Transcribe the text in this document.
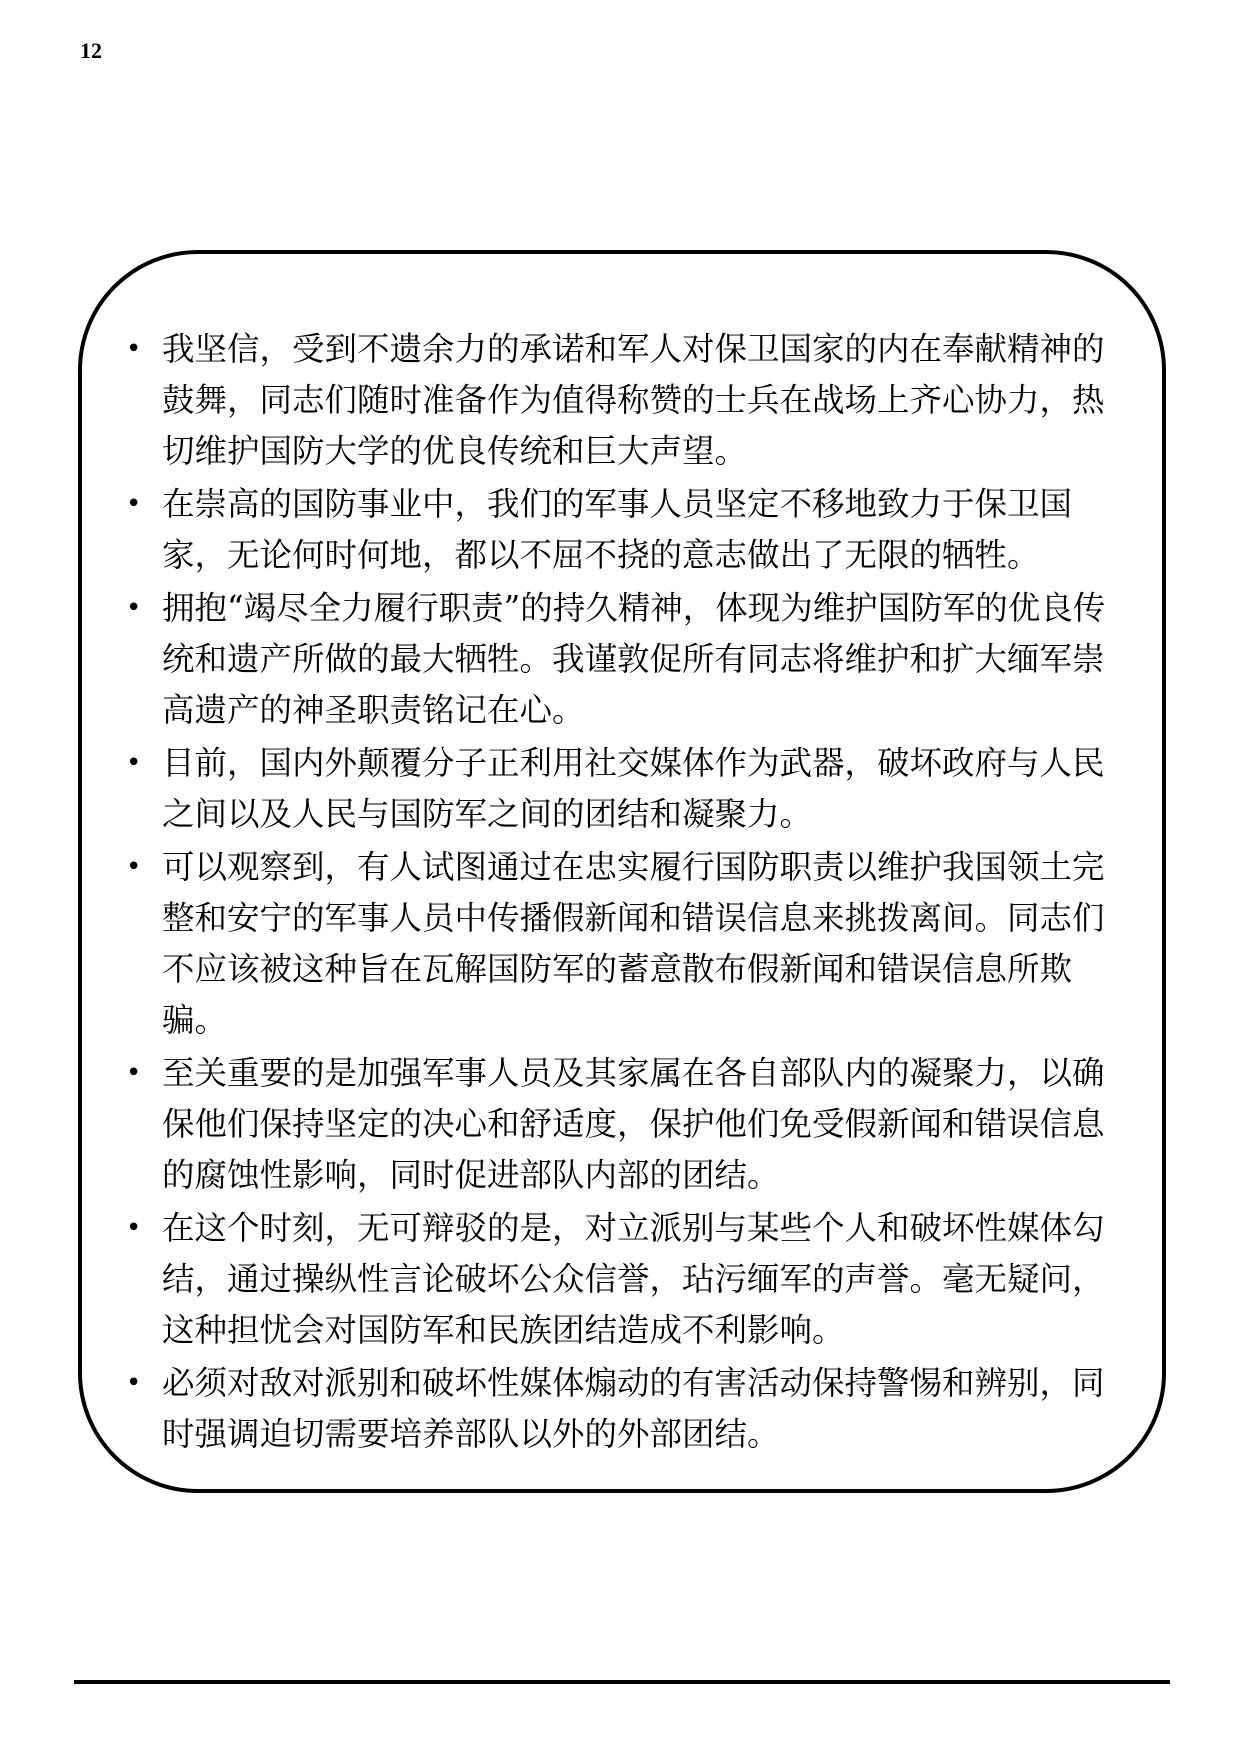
12
• 我坚信，受到不遗余力的承诺和军人对保卫国家的内在奉献精神的鼓舞，同志们随时准备作为值得称赞的士兵在战场上齐心协力，热切维护国防大学的优良传统和巨大声望。
• 在崇高的国防事业中，我们的军事人员坚定不移地致力于保卫国家，无论何时何地，都以不屈不挠的意志做出了无限的牺牲。
• 拥抱“竭尽全力履行职责”的持久精神，体现为维护国防军的优良传统和遗产所做的最大牺牲。我谨敦促所有同志将维护和扩大缅军崇高遗产的神圣职责铭记在心。
• 目前，国内外颠覆分子正利用社交媒体作为武器，破坏政府与人民之间以及人民与国防军之间的团结和凝聚力。
• 可以观察到，有人试图通过在忠实履行国防职责以维护我国领土完整和安宁的军事人员中传播假新闻和错误信息来挑拨离间。同志们不应该被这种旨在瓦解国防军的蓄意散布假新闻和错误信息所欺骗。
• 至关重要的是加强军事人员及其家属在各自部队内的凝聚力，以确保他们保持坚定的决心和舒适度，保护他们免受假新闻和错误信息的腐蚀性影响，同时促进部队内部的团结。
• 在这个时刻，无可辩驳的是，对立派别与某些个人和破坏性媒体勾结，通过操纵性言论破坏公众信誉，玷污缅军的声誉。毫无疑问，这种担忧会对国防军和民族团结造成不利影响。
• 必须对敌对派别和破坏性媒体煽动的有害活动保持警惕和辨别，同时强调迫切需要培养部队以外的外部团结。
